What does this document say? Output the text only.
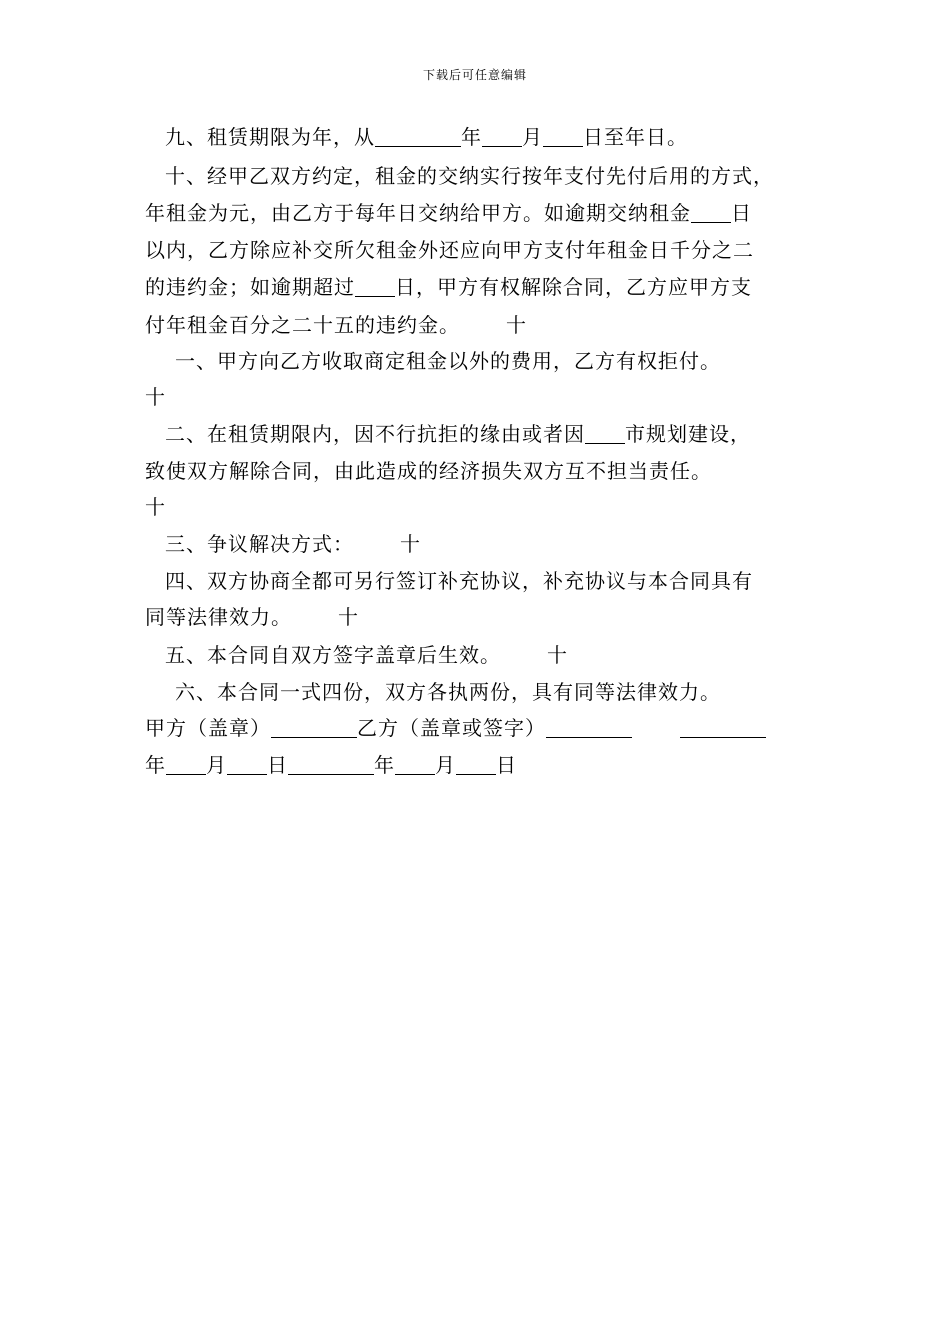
下载后可任意编辑
九、租赁期限为年，从	年 月 日至年日。
十、经甲乙双方约定，租金的交纳实行按年支付先付后用的方式，
年租金为元，由乙方于每年日交纳给甲方。如逾期交纳租金 日
以内，乙方除应补交所欠租金外还应向甲方支付年租金日千分之二
的违约金；如逾期超过 日，甲方有权解除合同，乙方应甲方支
付年租金百分之二十五的违约金。 十
一、甲方向乙方收取商定租金以外的费用，乙方有权拒付。
十
二、在租赁期限内，因不行抗拒的缘由或者因 市规划建设，
致使双方解除合同，由此造成的经济损失双方互不担当责任。
十
三、争议解决方式： 十
四、双方协商全都可另行签订补充协议，补充协议与本合同具有
同等法律效力。 十
五、本合同自双方签字盖章后生效。 十
六、本合同一式四份，双方各执两份，具有同等法律效力。
甲方（盖章）	乙方（盖章或签字）
年 月 日	年 月 日
